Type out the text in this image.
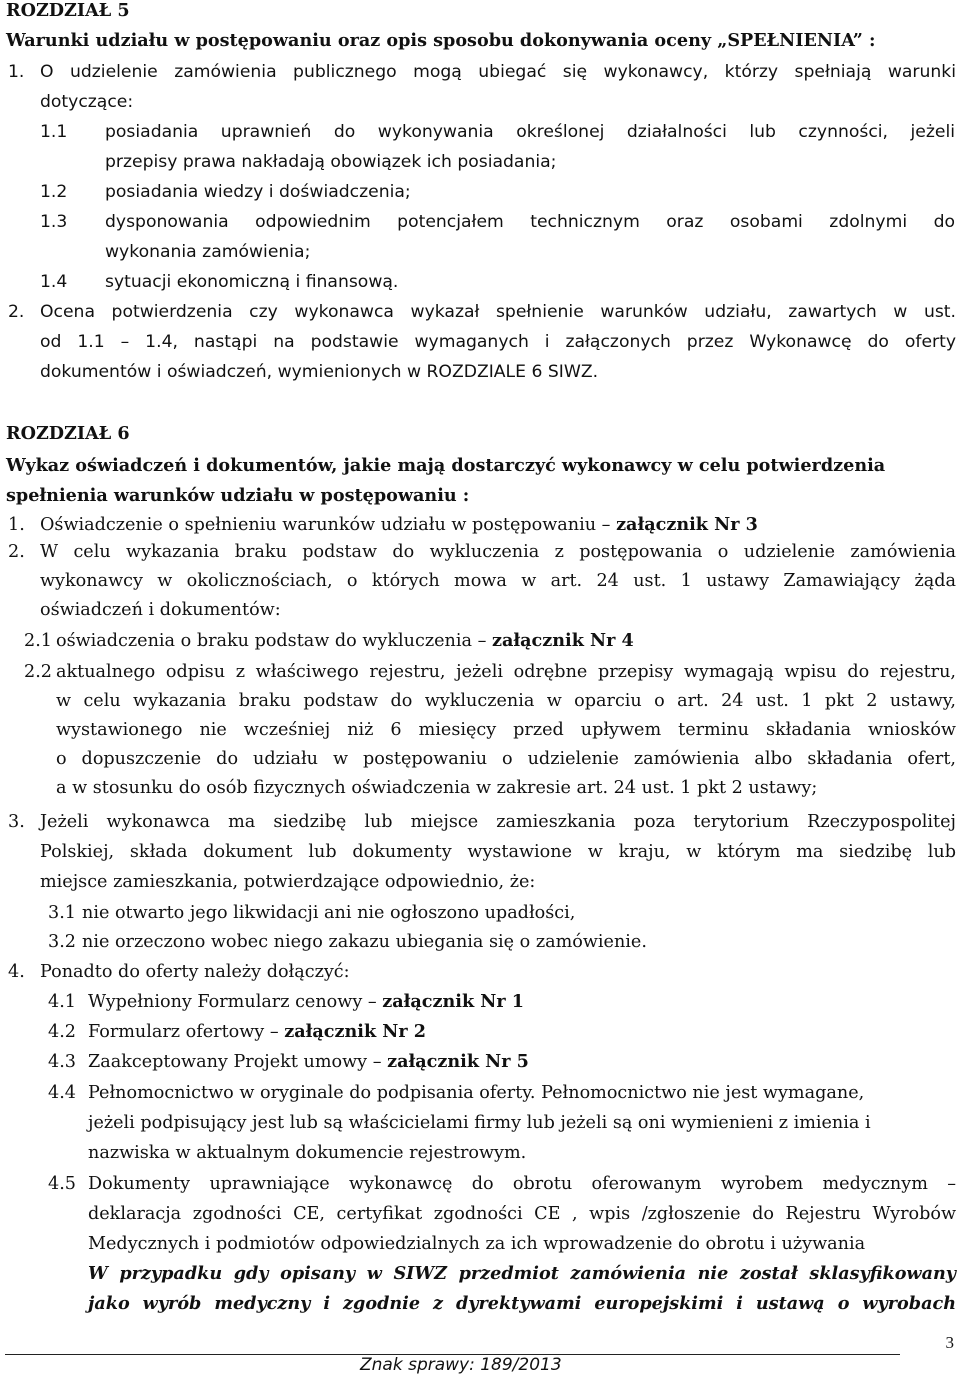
ROZDZIAŁ 5
Warunki udziału w postępowaniu oraz opis sposobu dokonywania oceny „SPEŁNIENIA” :
1. O udzielenie zamówienia publicznego mogą ubiegać się wykonawcy, którzy spełniają warunki
dotyczące:
1.1 posiadania uprawnień do wykonywania określonej działalności lub czynności, jeżeli
przepisy prawa nakładają obowiązek ich posiadania;
1.2 posiadania wiedzy i doświadczenia;
1.3 dysponowania odpowiednim potencjałem technicznym oraz osobami zdolnymi do
wykonania zamówienia;
1.4 sytuacji ekonomiczną i finansową.
2. Ocena potwierdzenia czy wykonawca wykazał spełnienie warunków udziału, zawartych w ust.
od 1.1 – 1.4, nastąpi na podstawie wymaganych i załączonych przez Wykonawcę do oferty
dokumentów i oświadczeń, wymienionych w ROZDZIALE 6 SIWZ.
ROZDZIAŁ 6
Wykaz oświadczeń i dokumentów, jakie mają dostarczyć wykonawcy w celu potwierdzenia
spełnienia warunków udziału w postępowaniu :
1. Oświadczenie o spełnieniu warunków udziału w postępowaniu – załącznik Nr 3
2. W celu wykazania braku podstaw do wykluczenia z postępowania o udzielenie zamówienia
wykonawcy w okolicznościach, o których mowa w art. 24 ust. 1 ustawy Zamawiający żąda
oświadczeń i dokumentów:
2.1 oświadczenia o braku podstaw do wykluczenia – załącznik Nr 4
2.2 aktualnego odpisu z właściwego rejestru, jeżeli odrębne przepisy wymagają wpisu do rejestru,
w celu wykazania braku podstaw do wykluczenia w oparciu o art. 24 ust. 1 pkt 2 ustawy,
wystawionego nie wcześniej niż 6 miesięcy przed upływem terminu składania wniosków
o dopuszczenie do udziału w postępowaniu o udzielenie zamówienia albo składania ofert,
a w stosunku do osób fizycznych oświadczenia w zakresie art. 24 ust. 1 pkt 2 ustawy;
3. Jeżeli wykonawca ma siedzibę lub miejsce zamieszkania poza terytorium Rzeczypospolitej
Polskiej, składa dokument lub dokumenty wystawione w kraju, w którym ma siedzibę lub
miejsce zamieszkania, potwierdzające odpowiednio, że:
3.1 nie otwarto jego likwidacji ani nie ogłoszono upadłości,
3.2 nie orzeczono wobec niego zakazu ubiegania się o zamówienie.
4. Ponadto do oferty należy dołączyć:
4.1 Wypełniony Formularz cenowy – załącznik Nr 1
4.2 Formularz ofertowy – załącznik Nr 2
4.3 Zaakceptowany Projekt umowy – załącznik Nr 5
4.4 Pełnomocnictwo w oryginale do podpisania oferty. Pełnomocnictwo nie jest wymagane,
jeżeli podpisujący jest lub są właścicielami firmy lub jeżeli są oni wymienieni z imienia i
nazwiska w aktualnym dokumencie rejestrowym.
4.5 Dokumenty uprawniające wykonawcę do obrotu oferowanym wyrobem medycznym –
deklaracja zgodności CE, certyfikat zgodności CE , wpis /zgłoszenie do Rejestru Wyrobów
Medycznych i podmiotów odpowiedzialnych za ich wprowadzenie do obrotu i używania
W przypadku gdy opisany w SIWZ przedmiot zamówienia nie został sklasyfikowany
jako wyrób medyczny i zgodnie z dyrektywami europejskimi i ustawą o wyrobach
3
Znak sprawy: 189/2013
